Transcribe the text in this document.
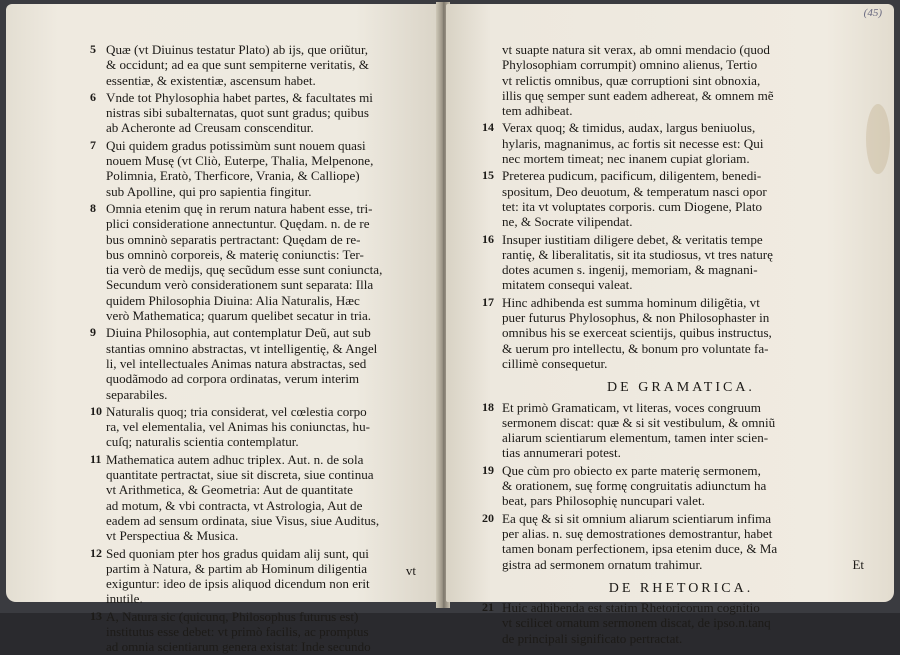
5 Quæ (vt Diuinus testatur Plato) ab ijs, que oriũtur,
& occidunt; ad ea que sunt sempiterne veritatis, &
essentiæ, & existentiæ, ascensum habet.
6 Vnde tot Phylosophia habet partes, & facultates mi
nistras sibi subalternatas, quot sunt gradus; quibus
ab Acheronte ad Creusam conscenditur.
7 Qui quidem gradus potissimùm sunt nouem quasi
nouem Musę (vt Cliò, Euterpe, Thalia, Melpenone,
Polimnia, Eratò, Therficore, Vrania, & Calliope)
sub Apolline, qui pro sapientia fingitur.
8 Omnia etenim quę in rerum natura habent esse, tri-
plici consideratione annectuntur. Quędam. n. de re
bus omninò separatis pertractant: Quędam de re-
bus omninò corporeis, & materię coniunctis: Ter-
tia verò de medijs, quę secũdum esse sunt coniuncta,
Secundum verò considerationem sunt separata: Illa
quidem Philosophia Diuina: Alia Naturalis, Hæc
verò Mathematica; quarum quelibet secatur in tria.
9 Diuina Philosophia, aut contemplatur Deũ, aut sub
stantias omnino abstractas, vt intelligentię, & Angel
li, vel intellectuales Animas natura abstractas, sed
quodãmodo ad corpora ordinatas, verum interim
separabiles.
10 Naturalis quoq; tria considerat, vel cœlestia corpo
ra, vel elementalia, vel Animas his coniunctas, hu-
cuſq; naturalis scientia contemplatur.
11 Mathematica autem adhuc triplex. Aut. n. de sola
quantitate pertractat, siue sit discreta, siue continua
vt Arithmetica, & Geometria: Aut de quantitate
ad motum, & vbi contracta, vt Astrologia, Aut de
eadem ad sensum ordinata, siue Visus, siue Auditus,
vt Perspectiua & Musica.
12 Sed quoniam pter hos gradus quidam alij sunt, qui
partim à Natura, & partim ab Hominum diligentia
exiguntur: ideo de ipsis aliquod dicendum non erit
inutile.
13 A, Natura sic (quicunq, Philosophus futurus est)
institutus esse debet: vt primò facilis, ac promptus
ad omnia scientiarum genera existat: Inde secundo
vt
(45)
vt suapte natura sit verax, ab omni mendacio (quod
Phylosophiam corrumpit) omnino alienus, Tertio
vt relictis omnibus, quæ corruptioni sint obnoxia,
illis quę semper sunt eadem adhereat, & omnem mẽ
tem adhibeat.
14 Verax quoq; & timidus, audax, largus beniuolus,
hylaris, magnanimus, ac fortis sit necesse est: Qui
nec mortem timeat; nec inanem cupiat gloriam.
15 Preterea pudicum, pacificum, diligentem, benedi-
spositum, Deo deuotum, & temperatum nasci opor
tet: ita vt voluptates corporis. cum Diogene, Plato
ne, & Socrate vilipendat.
16 Insuper iustitiam diligere debet, & veritatis tempe
rantię, & liberalitatis, sit ita studiosus, vt tres naturę
dotes acumen s. ingenij, memoriam, & magnani-
mitatem consequi valeat.
17 Hinc adhibenda est summa hominum diligẽtia, vt
puer futurus Phylosophus, & non Philosophaster in
omnibus his se exerceat scientijs, quibus instructus,
& uerum pro intellectu, & bonum pro voluntate fa-
cillimè consequetur.
DE GRAMATICA.
18 Et primò Gramaticam, vt literas, voces congruum
sermonem discat: quæ & si sit vestibulum, & omniũ
aliarum scientiarum elementum, tamen inter scien-
tias annumerari potest.
19 Que cùm pro obiecto ex parte materię sermonem,
& orationem, suę formę congruitatis adiunctum ha
beat, pars Philosophię nuncupari valet.
20 Ea quę & si sit omnium aliarum scientiarum infima
per alias. n. suę demostrationes demostrantur, habet
tamen bonam perfectionem, ipsa etenim duce, & Ma
gistra ad sermonem ornatum trahimur.
DE RHETORICA.
21 Huic adhibenda est statim Rhetoricorum cognitio
vt scilicet ornatum sermonem discat, de ipso.n.tanq
de principali significato pertractat.
Et
